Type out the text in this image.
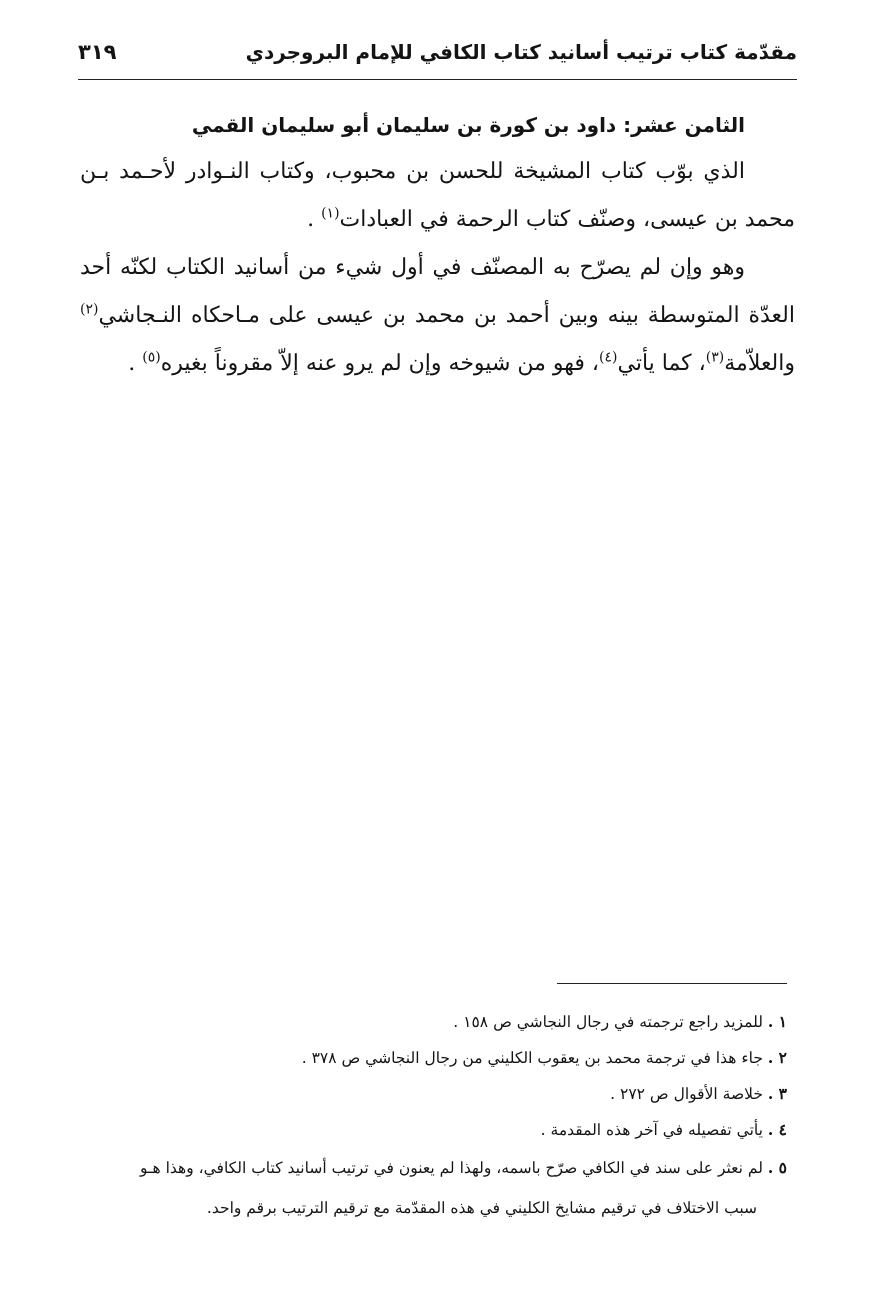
مقدّمة كتاب ترتيب أسانيد كتاب الكافي للإمام البروجردي
٣١٩
الثامن عشر: داود بن كورة بن سليمان أبو سليمان القمي

الذي بوّب كتاب المشيخة للحسن بن محبوب، وكتاب النـوادر لأحـمد بـن محمد بن عيسى، وصنّف كتاب الرحمة في العبادات$^{(١)}$ .

وهو وإن لم يصرّح به المصنّف في أول شيء من أسانيد الكتاب لكنّه أحد العدّة المتوسطة بينه وبين أحمد بن محمد بن عيسى على مـاحكاه النـجاشي$^{(٢)}$ والعلاّمة$^{(٣)}$، كما يأتي$^{(٤)}$، فهو من شيوخه وإن لم يرو عنه إلاّ مقروناً بغيره$^{(٥)}$ .

١ . للمزيد راجع ترجمته في رجال النجاشي ص ١٥٨ .

٢ . جاء هذا في ترجمة محمد بن يعقوب الكليني من رجال النجاشي ص ٣٧٨ .

٣ . خلاصة الأقوال ص ٢٧٢ .

٤ . يأتي تفصيله في آخر هذه المقدمة .

٥ . لم نعثر على سند في الكافي صرّح باسمه، ولهذا لم يعنون في ترتيب أسانيد كتاب الكافي، وهذا هـو
سبب الاختلاف في ترقيم مشايخ الكليني في هذه المقدّمة مع ترقيم الترتيب برقم واحد.
